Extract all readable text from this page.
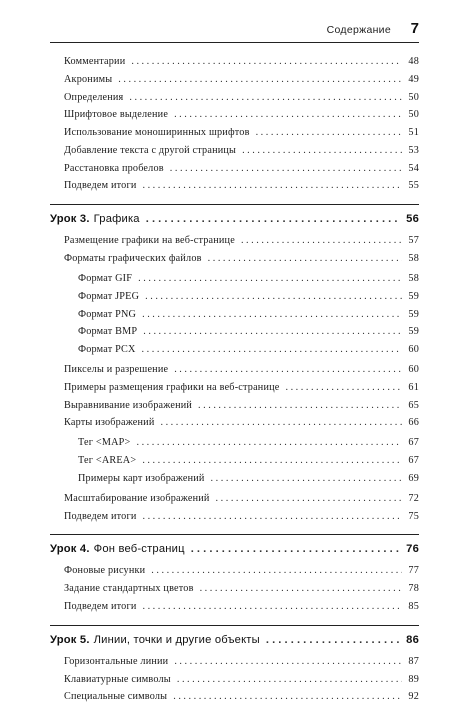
Содержание 7
Комментарии . . .	48
Акронимы . . .	49
Определения . . .	50
Шрифтовое выделение . . .	50
Использование моноширинных шрифтов . . .	51
Добавление текста с другой страницы . . .	53
Расстановка пробелов . . .	54
Подведем итоги . . .	55
Урок 3. Графика . . .	56
Размещение графики на веб-странице . . .	57
Форматы графических файлов . . .	58
Формат GIF . . .	58
Формат JPEG . . .	59
Формат PNG . . .	59
Формат BMP . . .	59
Формат PCX . . .	60
Пикселы и разрешение . . .	60
Примеры размещения графики на веб-странице . . .	61
Выравнивание изображений . . .	65
Карты изображений . . .	66
Тег <MAP> . . .	67
Тег <AREA> . . .	67
Примеры карт изображений . . .	69
Масштабирование изображений . . .	72
Подведем итоги . . .	75
Урок 4. Фон веб-страниц . . .	76
Фоновые рисунки . . .	77
Задание стандартных цветов . . .	78
Подведем итоги . . .	85
Урок 5. Линии, точки и другие объекты . . .	86
Горизонтальные линии . . .	87
Клавиатурные символы . . .	89
Специальные символы . . .	92
